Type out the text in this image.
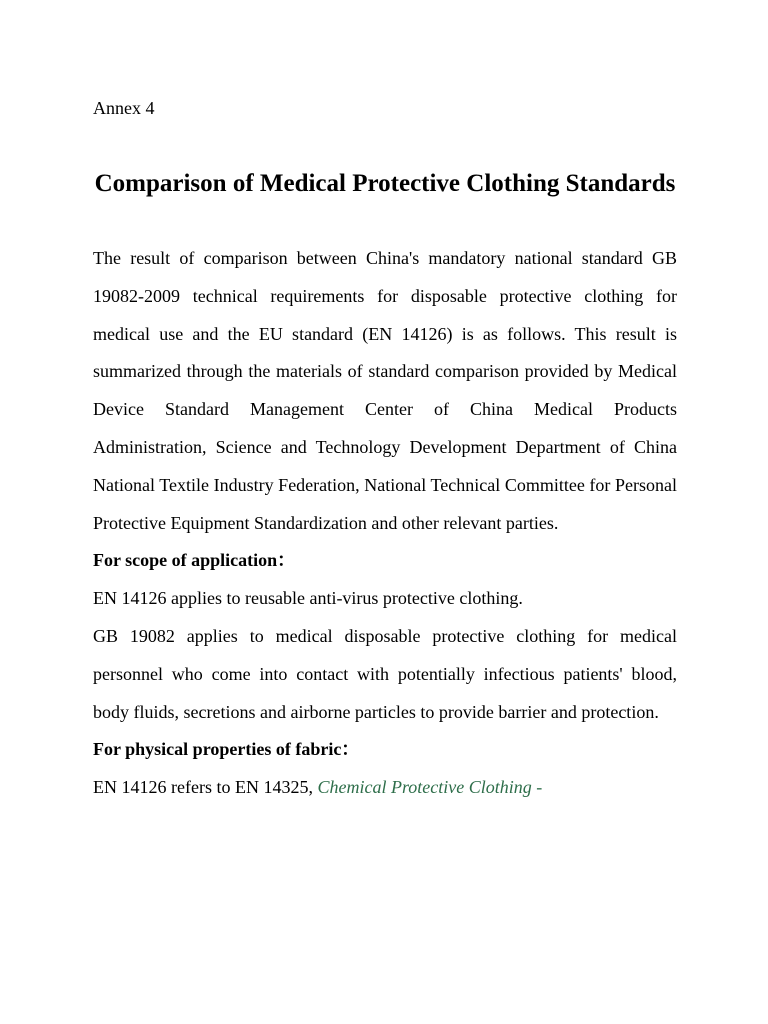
Annex 4
Comparison of Medical Protective Clothing Standards

The result of comparison between China's mandatory national standard GB 19082-2009 technical requirements for disposable protective clothing for medical use and the EU standard (EN 14126) is as follows. This result is summarized through the materials of standard comparison provided by Medical Device Standard Management Center of China Medical Products Administration, Science and Technology Development Department of China National Textile Industry Federation, National Technical Committee for Personal Protective Equipment Standardization and other relevant parties.

For scope of application：

EN 14126 applies to reusable anti-virus protective clothing.

GB 19082 applies to medical disposable protective clothing for medical personnel who come into contact with potentially infectious patients' blood, body fluids, secretions and airborne particles to provide barrier and protection.

For physical properties of fabric：

EN 14126 refers to EN 14325, Chemical Protective Clothing -
